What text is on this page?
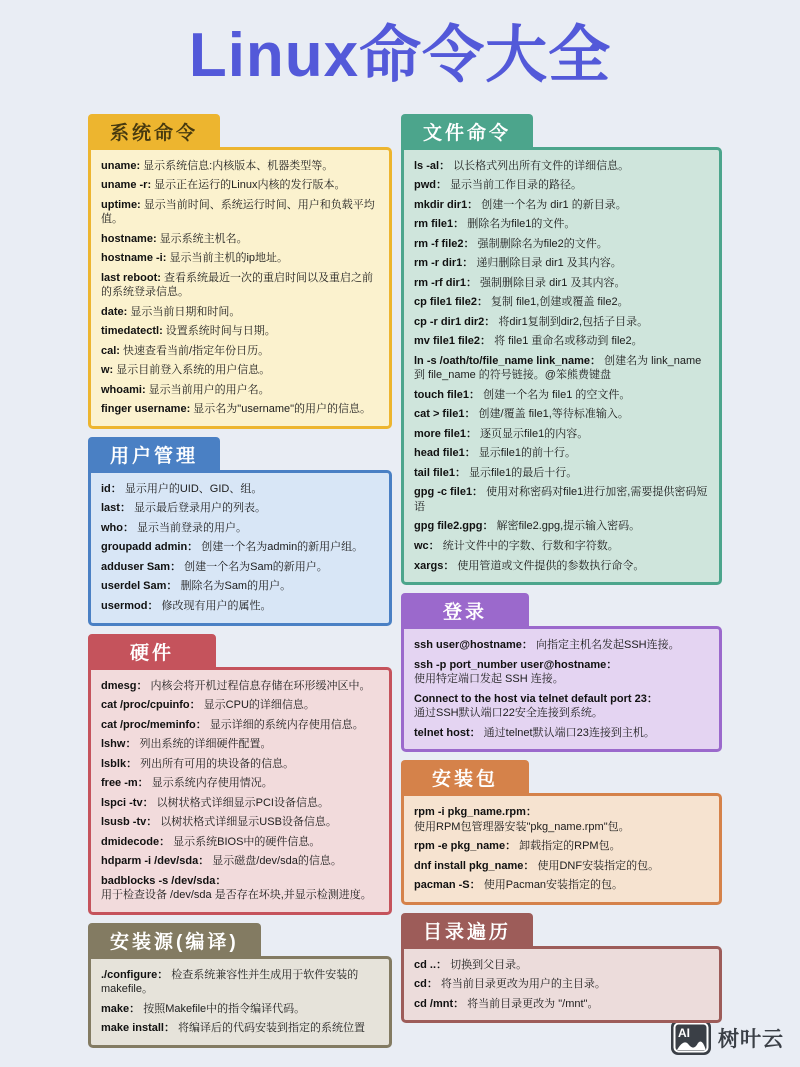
Linux命令大全
系统命令
uname: 显示系统信息:内核版本、机器类型等。
uname -r: 显示正在运行的Linux内核的发行版本。
uptime: 显示当前时间、系统运行时间、用户和负载平均值。
hostname: 显示系统主机名。
hostname -i: 显示当前主机的ip地址。
last reboot: 查看系统最近一次的重启时间以及重启之前的系统登录信息。
date: 显示当前日期和时间。
timedatectl: 设置系统时间与日期。
cal: 快速查看当前/指定年份日历。
w: 显示目前登入系统的用户信息。
whoami: 显示当前用户的用户名。
finger username: 显示名为"username"的用户的信息。
用户管理
id： 显示用户的UID、GID、组。
last： 显示最后登录用户的列表。
who： 显示当前登录的用户。
groupadd admin： 创建一个名为admin的新用户组。
adduser Sam： 创建一个名为Sam的新用户。
userdel Sam： 删除名为Sam的用户。
usermod： 修改现有用户的属性。
硬件
dmesg： 内核会将开机过程信息存储在环形缓冲区中。
cat /proc/cpuinfo： 显示CPU的详细信息。
cat /proc/meminfo： 显示详细的系统内存使用信息。
lshw： 列出系统的详细硬件配置。
lsblk： 列出所有可用的块设备的信息。
free -m： 显示系统内存使用情况。
lspci -tv： 以树状格式详细显示PCI设备信息。
lsusb -tv： 以树状格式详细显示USB设备信息。
dmidecode： 显示系统BIOS中的硬件信息。
hdparm -i /dev/sda： 显示磁盘/dev/sda的信息。
badblocks -s /dev/sda：
用于检查设备 /dev/sda 是否存在坏块,并显示检测进度。
安装源(编译)
./configure： 检查系统兼容性并生成用于软件安装的makefile。
make： 按照Makefile中的指令编译代码。
make install： 将编译后的代码安装到指定的系统位置
文件命令
ls -al： 以长格式列出所有文件的详细信息。
pwd： 显示当前工作目录的路径。
mkdir dir1： 创建一个名为 dir1 的新目录。
rm file1： 删除名为file1的文件。
rm -f file2： 强制删除名为file2的文件。
rm -r dir1： 递归删除目录 dir1 及其内容。
rm -rf dir1： 强制删除目录 dir1 及其内容。
cp file1 file2： 复制 file1,创建或覆盖 file2。
cp -r dir1 dir2： 将dir1复制到dir2,包括子目录。
mv file1 file2： 将 file1 重命名或移动到 file2。
ln -s /oath/to/file_name link_name： 创建名为 link_name 到 file_name 的符号链接。@笨熊费键盘
touch file1： 创建一个名为 file1 的空文件。
cat > file1： 创建/覆盖 file1,等待标准输入。
more file1： 逐页显示file1的内容。
head file1： 显示file1的前十行。
tail file1： 显示file1的最后十行。
gpg -c file1： 使用对称密码对file1进行加密,需要提供密码短语
gpg file2.gpg： 解密file2.gpg,提示输入密码。
wc： 统计文件中的字数、行数和字符数。
xargs： 使用管道或文件提供的参数执行命令。
登录
ssh user@hostname： 向指定主机名发起SSH连接。
ssh -p port_number user@hostname：
使用特定端口发起 SSH 连接。
Connect to the host via telnet default port 23：
通过SSH默认端口22安全连接到系统。
telnet host： 通过telnet默认端口23连接到主机。
安装包
rpm -i pkg_name.rpm：
使用RPM包管理器安装"pkg_name.rpm"包。
rpm -e pkg_name： 卸载指定的RPM包。
dnf install pkg_name： 使用DNF安装指定的包。
pacman -S： 使用Pacman安装指定的包。
目录遍历
cd ..： 切换到父目录。
cd： 将当前目录更改为用户的主目录。
cd /mnt： 将当前目录更改为 "/mnt"。
AI 树叶云
